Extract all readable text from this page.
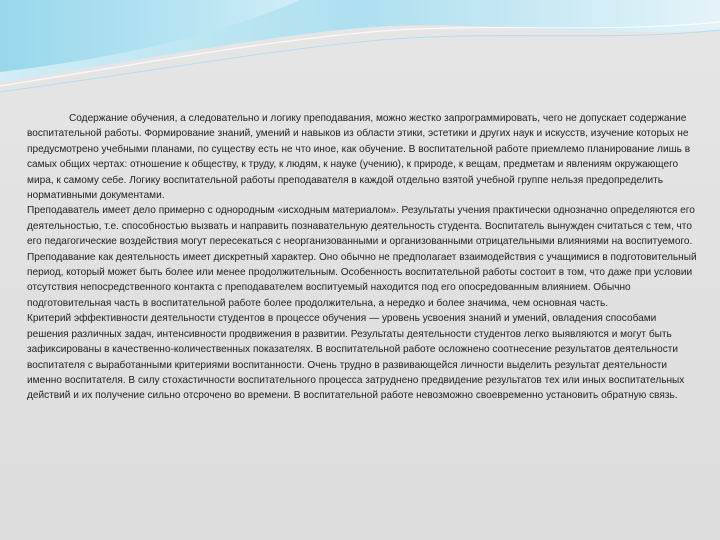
Содержание обучения, а следовательно и логику преподавания, можно жестко запрограммировать, чего не допускает содержание воспитательной работы. Формирование знаний, умений и навыков из области этики, эстетики и других наук и искусств, изучение которых не предусмотрено учебными планами, по существу есть не что иное, как обучение. В воспитательной работе приемлемо планирование лишь в самых общих чертах: отношение к обществу, к труду, к людям, к науке (учению), к природе, к вещам, предметам и явлениям окружающего мира, к самому себе. Логику воспитательной работы преподавателя в каждой отдельно взятой учебной группе нельзя предопределить нормативными документами.

Преподаватель имеет дело примерно с однородным «исходным материалом». Результаты учения практически однозначно определяются его деятельностью, т.е. способностью вызвать и направить познавательную деятельность студента. Воспитатель вынужден считаться с тем, что его педагогические воздействия могут пересекаться с неорганизованными и организованными отрицательными влияниями на воспитуемого. Преподавание как деятельность имеет дискретный характер. Оно обычно не предполагает взаимодействия с учащимися в подготовительный период, который может быть более или менее продолжительным. Особенность воспитательной работы состоит в том, что даже при условии отсутствия непосредственного контакта с преподавателем воспитуемый находится под его опосредованным влиянием. Обычно подготовительная часть в воспитательной работе более продолжительна, а нередко и более значима, чем основная часть.

Критерий эффективности деятельности студентов в процессе обучения — уровень усвоения знаний и умений, овладения способами решения различных задач, интенсивности продвижения в развитии. Результаты деятельности студентов легко выявляются и могут быть зафиксированы в качественно-количественных показателях. В воспитательной работе осложнено соотнесение результатов деятельности воспитателя с выработанными критериями воспитанности. Очень трудно в развивающейся личности выделить результат деятельности именно воспитателя. В силу стохастичности воспитательного процесса затруднено предвидение результатов тех или иных воспитательных действий и их получение сильно отсрочено во времени. В воспитательной работе невозможно своевременно установить обратную связь.
